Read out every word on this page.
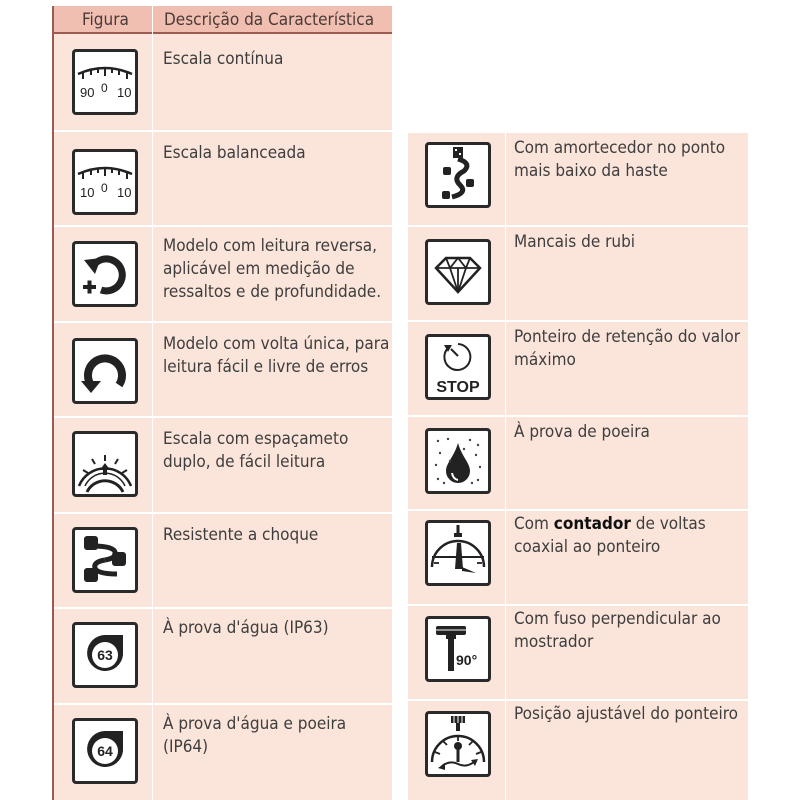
Figura Descrição da Característica
90 0 10
Escala contínua
10 0 10
Escala balanceada
Modelo com leitura reversa, aplicável em medição de ressaltos e de profundidade.
Modelo com volta única, para leitura fácil e livre de erros
Escala com espaçameto duplo, de fácil leitura
Resistente a choque
63
À prova d'água (IP63)
64
À prova d'água e poeira (IP64)
Com amortecedor no ponto mais baixo da haste
Mancais de rubi
STOP
Ponteiro de retenção do valor máximo
À prova de poeira
Com contador de voltas coaxial ao ponteiro
90°
Com fuso perpendicular ao mostrador
Posição ajustável do ponteiro
